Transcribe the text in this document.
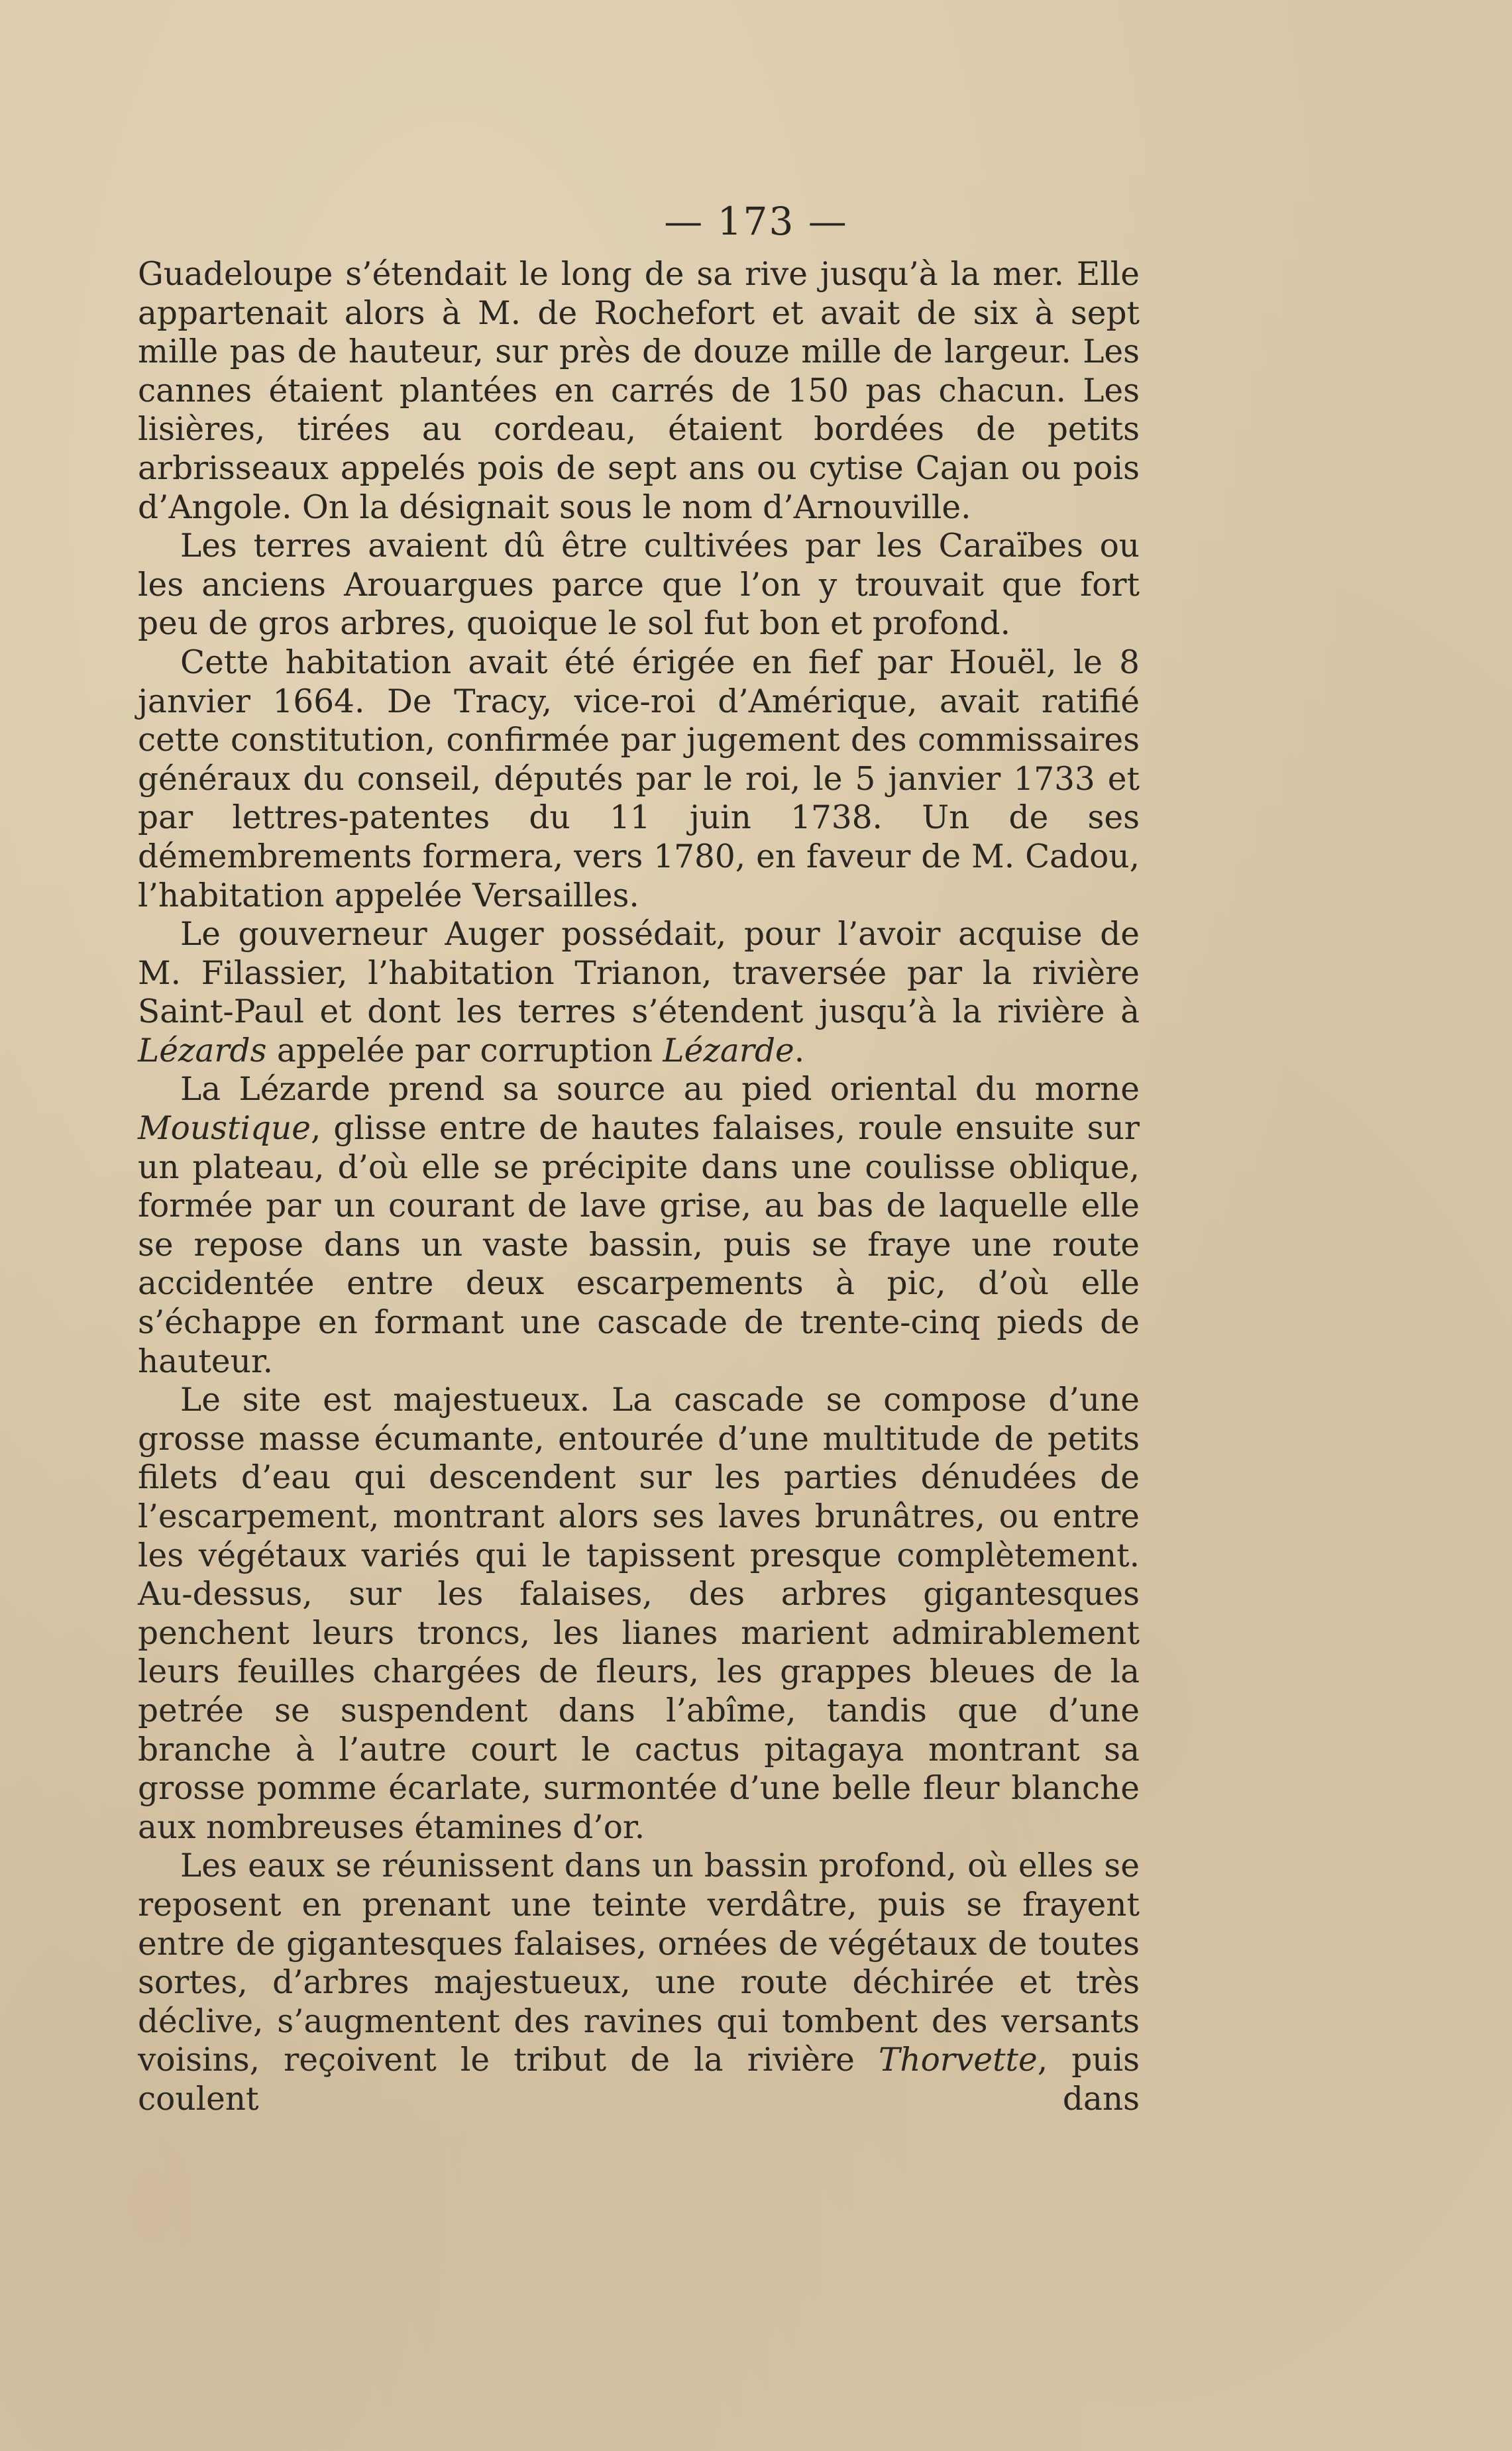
— 173 —

Guadeloupe s’étendait le long de sa rive jusqu’à la mer. Elle appartenait alors à M. de Rochefort et avait de six à sept mille pas de hauteur, sur près de douze mille de largeur. Les cannes étaient plantées en carrés de 150 pas chacun. Les lisières, tirées au cordeau, étaient bordées de petits arbrisseaux appelés pois de sept ans ou cytise Cajan ou pois d’Angole. On la désignait sous le nom d’Arnouville.

Les terres avaient dû être cultivées par les Caraïbes ou les anciens Arouargues parce que l’on y trouvait que fort peu de gros arbres, quoique le sol fut bon et profond.

Cette habitation avait été érigée en fief par Houël, le 8 janvier 1664. De Tracy, vice-roi d’Amérique, avait ratifié cette constitution, confirmée par jugement des commissaires généraux du conseil, députés par le roi, le 5 janvier 1733 et par lettres-patentes du 11 juin 1738. Un de ses démembrements formera, vers 1780, en faveur de M. Cadou, l’habitation appelée Versailles.

Le gouverneur Auger possédait, pour l’avoir acquise de M. Filassier, l’habitation Trianon, traversée par la rivière Saint-Paul et dont les terres s’étendent jusqu’à la rivière à Lézards appelée par corruption Lézarde.

La Lézarde prend sa source au pied oriental du morne Moustique, glisse entre de hautes falaises, roule ensuite sur un plateau, d’où elle se précipite dans une coulisse oblique, formée par un courant de lave grise, au bas de laquelle elle se repose dans un vaste bassin, puis se fraye une route accidentée entre deux escarpements à pic, d’où elle s’échappe en formant une cascade de trente-cinq pieds de hauteur.

Le site est majestueux. La cascade se compose d’une grosse masse écumante, entourée d’une multitude de petits filets d’eau qui descendent sur les parties dénudées de l’escarpement, montrant alors ses laves brunâtres, ou entre les végétaux variés qui le tapissent presque complètement. Au-dessus, sur les falaises, des arbres gigantesques penchent leurs troncs, les lianes marient admirablement leurs feuilles chargées de fleurs, les grappes bleues de la petrée se suspendent dans l’abîme, tandis que d’une branche à l’autre court le cactus pitagaya montrant sa grosse pomme écarlate, surmontée d’une belle fleur blanche aux nombreuses étamines d’or.

Les eaux se réunissent dans un bassin profond, où elles se reposent en prenant une teinte verdâtre, puis se frayent entre de gigantesques falaises, ornées de végétaux de toutes sortes, d’arbres majestueux, une route déchirée et très déclive, s’augmentent des ravines qui tombent des versants voisins, reçoivent le tribut de la rivière Thorvette, puis coulent dans
